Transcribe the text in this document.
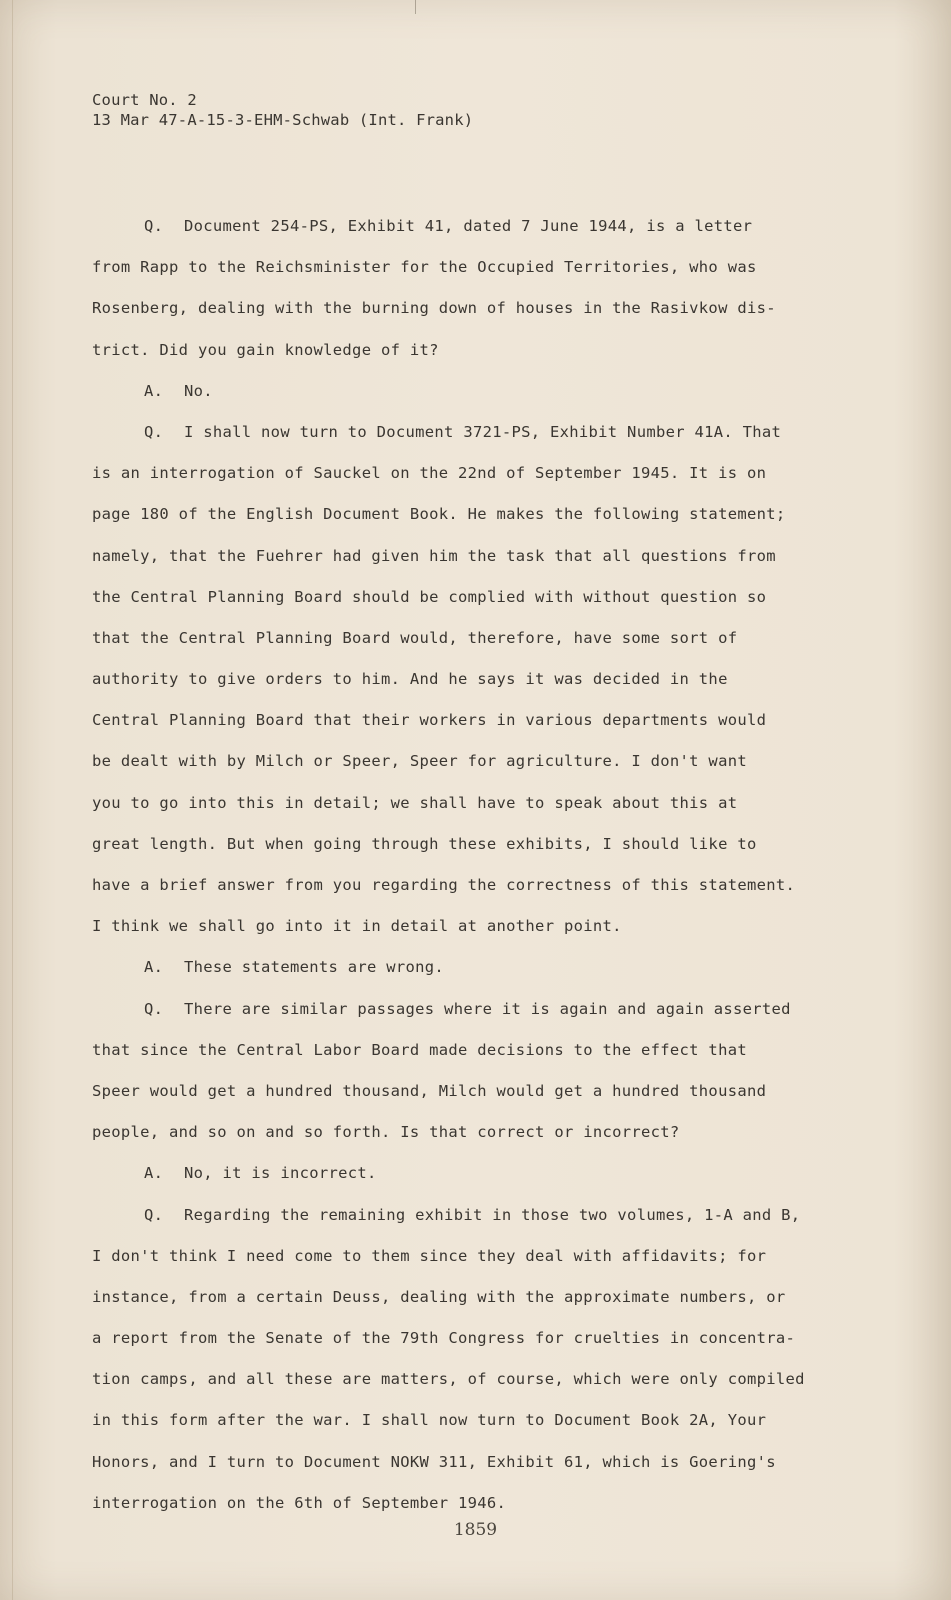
Court No. 2
13 Mar 47-A-15-3-EHM-Schwab (Int. Frank)
Q. Document 254-PS, Exhibit 41, dated 7 June 1944, is a letter
from Rapp to the Reichsminister for the Occupied Territories, who was
Rosenberg, dealing with the burning down of houses in the Rasivkow dis-
trict. Did you gain knowledge of it?
A. No.
Q. I shall now turn to Document 3721-PS, Exhibit Number 41A. That
is an interrogation of Sauckel on the 22nd of September 1945. It is on
page 180 of the English Document Book. He makes the following statement;
namely, that the Fuehrer had given him the task that all questions from
the Central Planning Board should be complied with without question so
that the Central Planning Board would, therefore, have some sort of
authority to give orders to him. And he says it was decided in the
Central Planning Board that their workers in various departments would
be dealt with by Milch or Speer, Speer for agriculture. I don't want
you to go into this in detail; we shall have to speak about this at
great length. But when going through these exhibits, I should like to
have a brief answer from you regarding the correctness of this statement.
I think we shall go into it in detail at another point.
A. These statements are wrong.
Q. There are similar passages where it is again and again asserted
that since the Central Labor Board made decisions to the effect that
Speer would get a hundred thousand, Milch would get a hundred thousand
people, and so on and so forth. Is that correct or incorrect?
A. No, it is incorrect.
Q. Regarding the remaining exhibit in those two volumes, 1-A and B,
I don't think I need come to them since they deal with affidavits; for
instance, from a certain Deuss, dealing with the approximate numbers, or
a report from the Senate of the 79th Congress for cruelties in concentra-
tion camps, and all these are matters, of course, which were only compiled
in this form after the war. I shall now turn to Document Book 2A, Your
Honors, and I turn to Document NOKW 311, Exhibit 61, which is Goering's
interrogation on the 6th of September 1946.
1859
